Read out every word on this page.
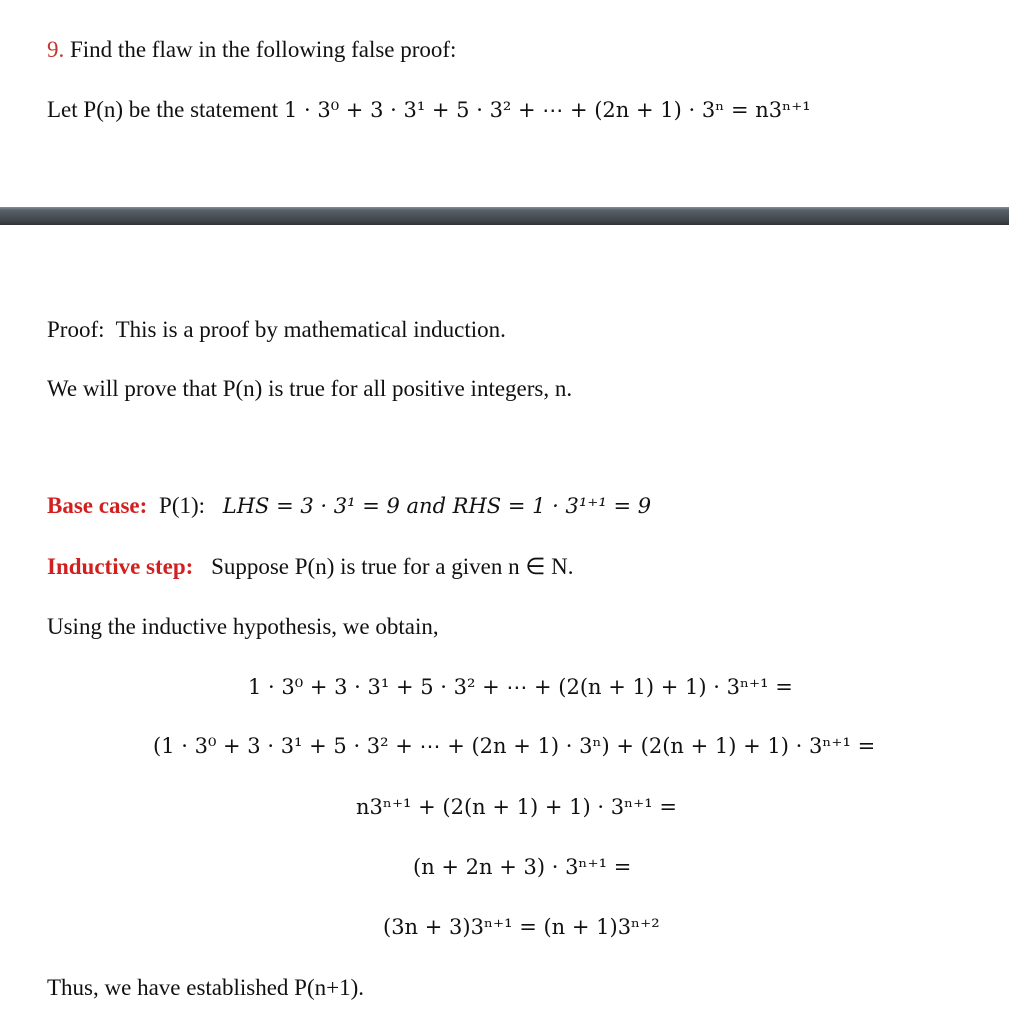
9. Find the flaw in the following false proof:
Let P(n) be the statement 1 · 3⁰ + 3 · 3¹ + 5 · 3² + ⋯ + (2n + 1) · 3ⁿ = n3ⁿ⁺¹
Proof:  This is a proof by mathematical induction.
We will prove that P(n) is true for all positive integers, n.
Base case: P(1): LHS = 3 · 3¹ = 9 and RHS = 1 · 3¹⁺¹ = 9
Inductive step: Suppose P(n) is true for a given n ∈ N.
Using the inductive hypothesis, we obtain,
1 · 3⁰ + 3 · 3¹ + 5 · 3² + ⋯ + (2(n + 1) + 1) · 3ⁿ⁺¹ =
(1 · 3⁰ + 3 · 3¹ + 5 · 3² + ⋯ + (2n + 1) · 3ⁿ) + (2(n + 1) + 1) · 3ⁿ⁺¹ =
n3ⁿ⁺¹ + (2(n + 1) + 1) · 3ⁿ⁺¹ =
(n + 2n + 3) · 3ⁿ⁺¹ =
(3n + 3)3ⁿ⁺¹ = (n + 1)3ⁿ⁺²
Thus, we have established P(n+1).
